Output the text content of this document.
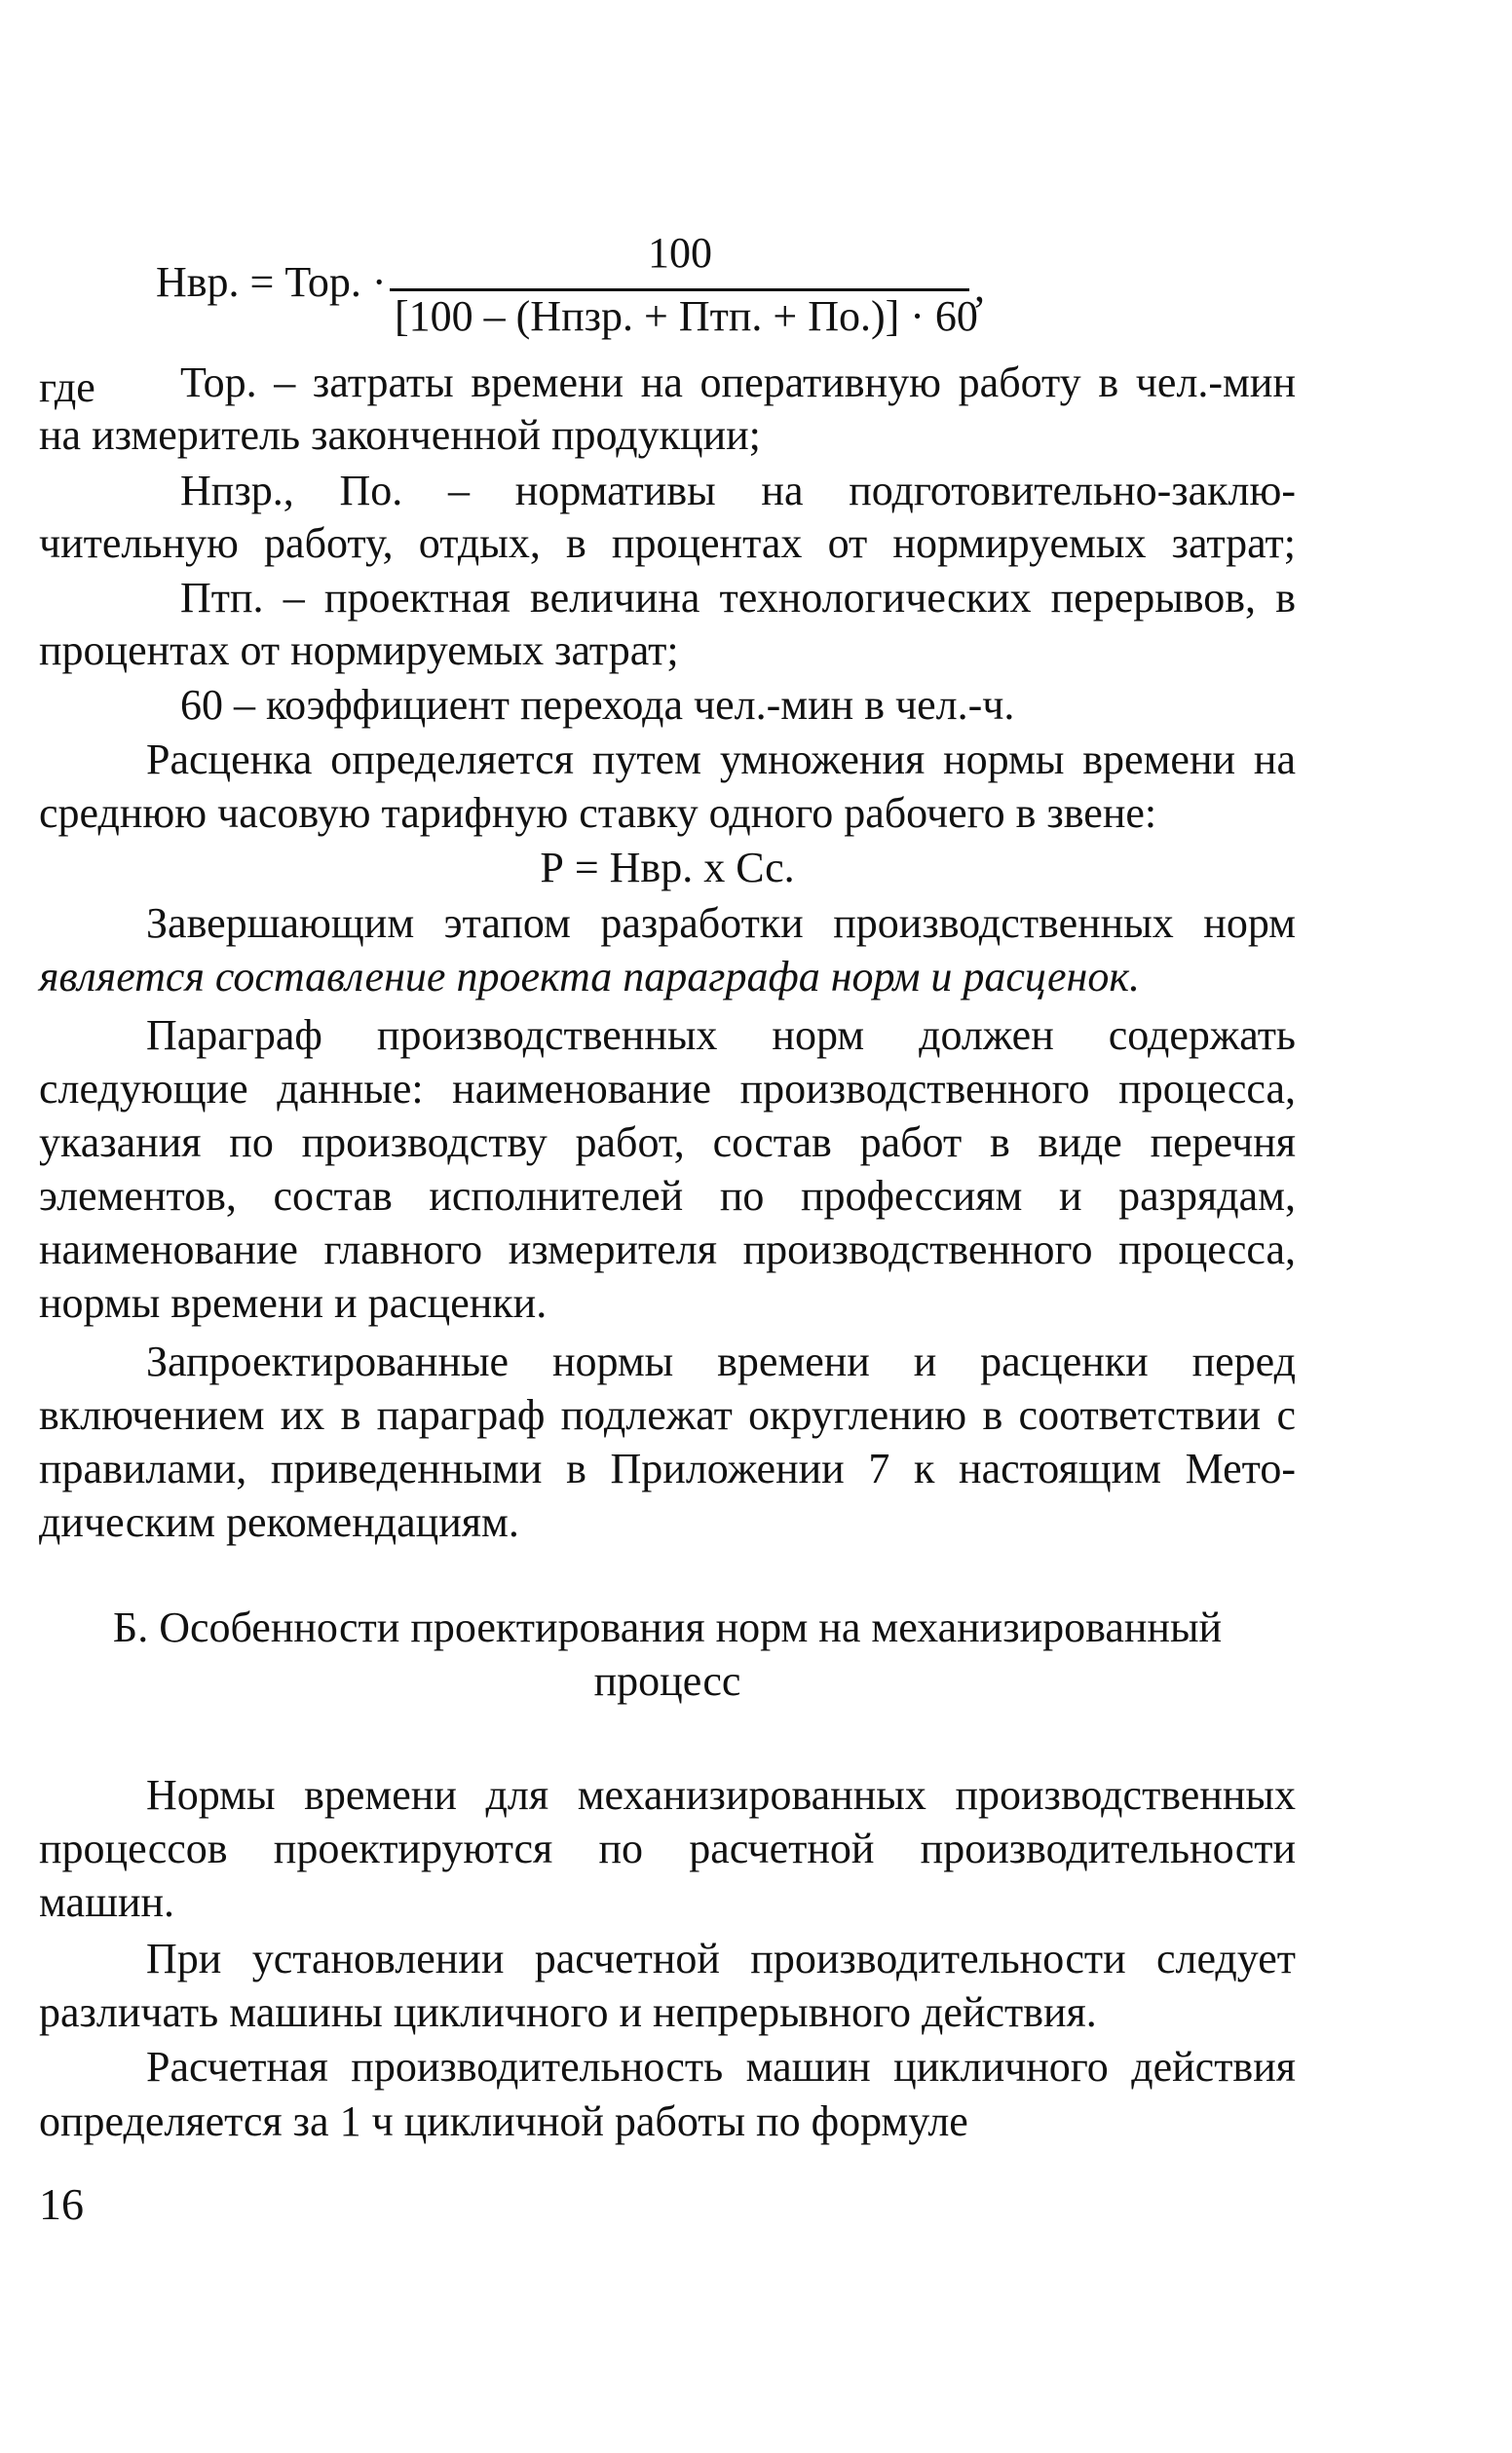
100
Нвр. = Тор. ·
[100 – (Нпзр. + Птп. + По.)] · 60
,
где	Тор. – затраты времени на оперативную работу в чел.-мин
на измеритель законченной продукции;
Нпзр., По. – нормативы на подготовительно-заклю-
чительную работу, отдых, в процентах от нормируемых затрат;
Птп. – проектная величина технологических перерывов, в
процентах от нормируемых затрат;
60 – коэффициент перехода чел.-мин в чел.-ч.
Расценка определяется путем умножения нормы времени на
среднюю часовую тарифную ставку одного рабочего в звене:
Р = Нвр. х Сс.
Завершающим этапом разработки производственных норм
является составление проекта параграфа норм и расценок.
Параграф производственных норм должен содержать
следующие данные: наименование производственного процесса,
указания по производству работ, состав работ в виде перечня
элементов, состав исполнителей по профессиям и разрядам,
наименование главного измерителя производственного процесса,
нормы времени и расценки.
Запроектированные нормы времени и расценки перед
включением их в параграф подлежат округлению в соответствии с
правилами, приведенными в Приложении 7 к настоящим Мето-
дическим рекомендациям.
Б. Особенности проектирования норм на механизированный
процесс
Нормы времени для механизированных производственных
процессов проектируются по расчетной производительности
машин.
При установлении расчетной производительности следует
различать машины цикличного и непрерывного действия.
Расчетная производительность машин цикличного действия
определяется за 1 ч цикличной работы по формуле
16
